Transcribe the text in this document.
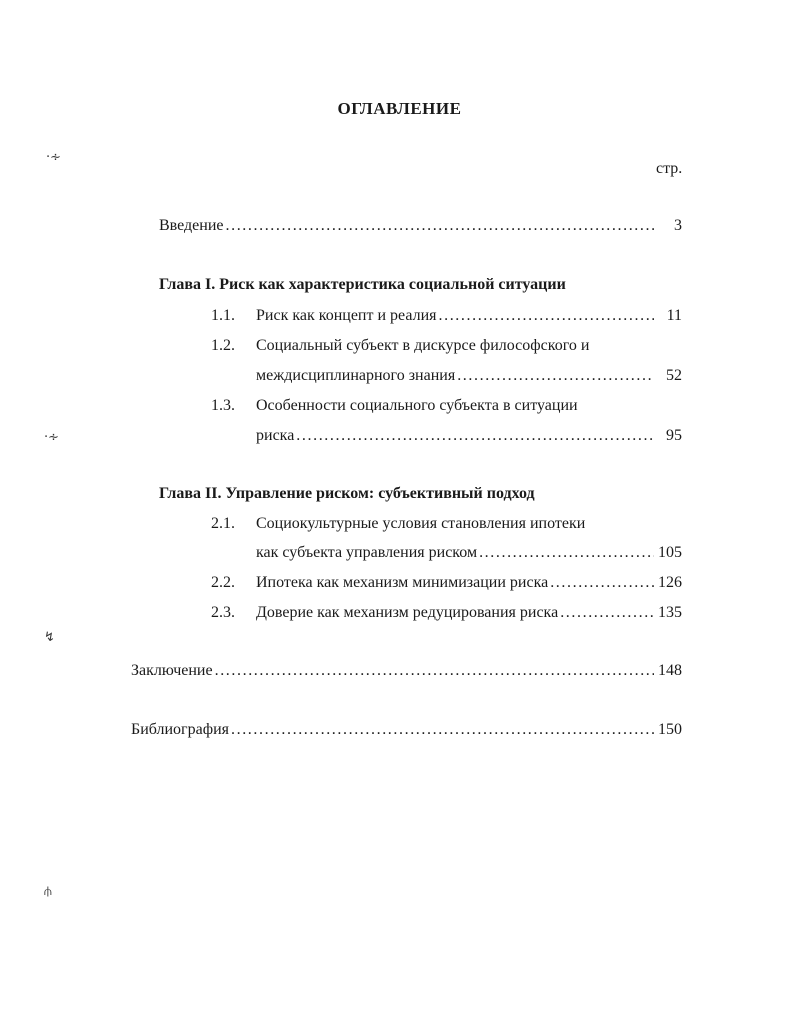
ОГЛАВЛЕНИЕ
стр.
Введение . . .	3
Глава I. Риск как характеристика социальной ситуации
1.1. Риск как концепт и реалия . . .	11
1.2. Социальный субъект в дискурсе философского и
междисциплинарного знания . . .	52
1.3. Особенности социального субъекта в ситуации
риска . . .	95
Глава II. Управление риском: субъективный подход
2.1. Социокультурные условия становления ипотеки
как субъекта управления риском . . .	105
2.2. Ипотека как механизм минимизации риска . . .	126
2.3. Доверие как механизм редуцирования риска . . .	135
Заключение . . .	148
Библиография . . .	150
·∻
·∻
↯
⫛
